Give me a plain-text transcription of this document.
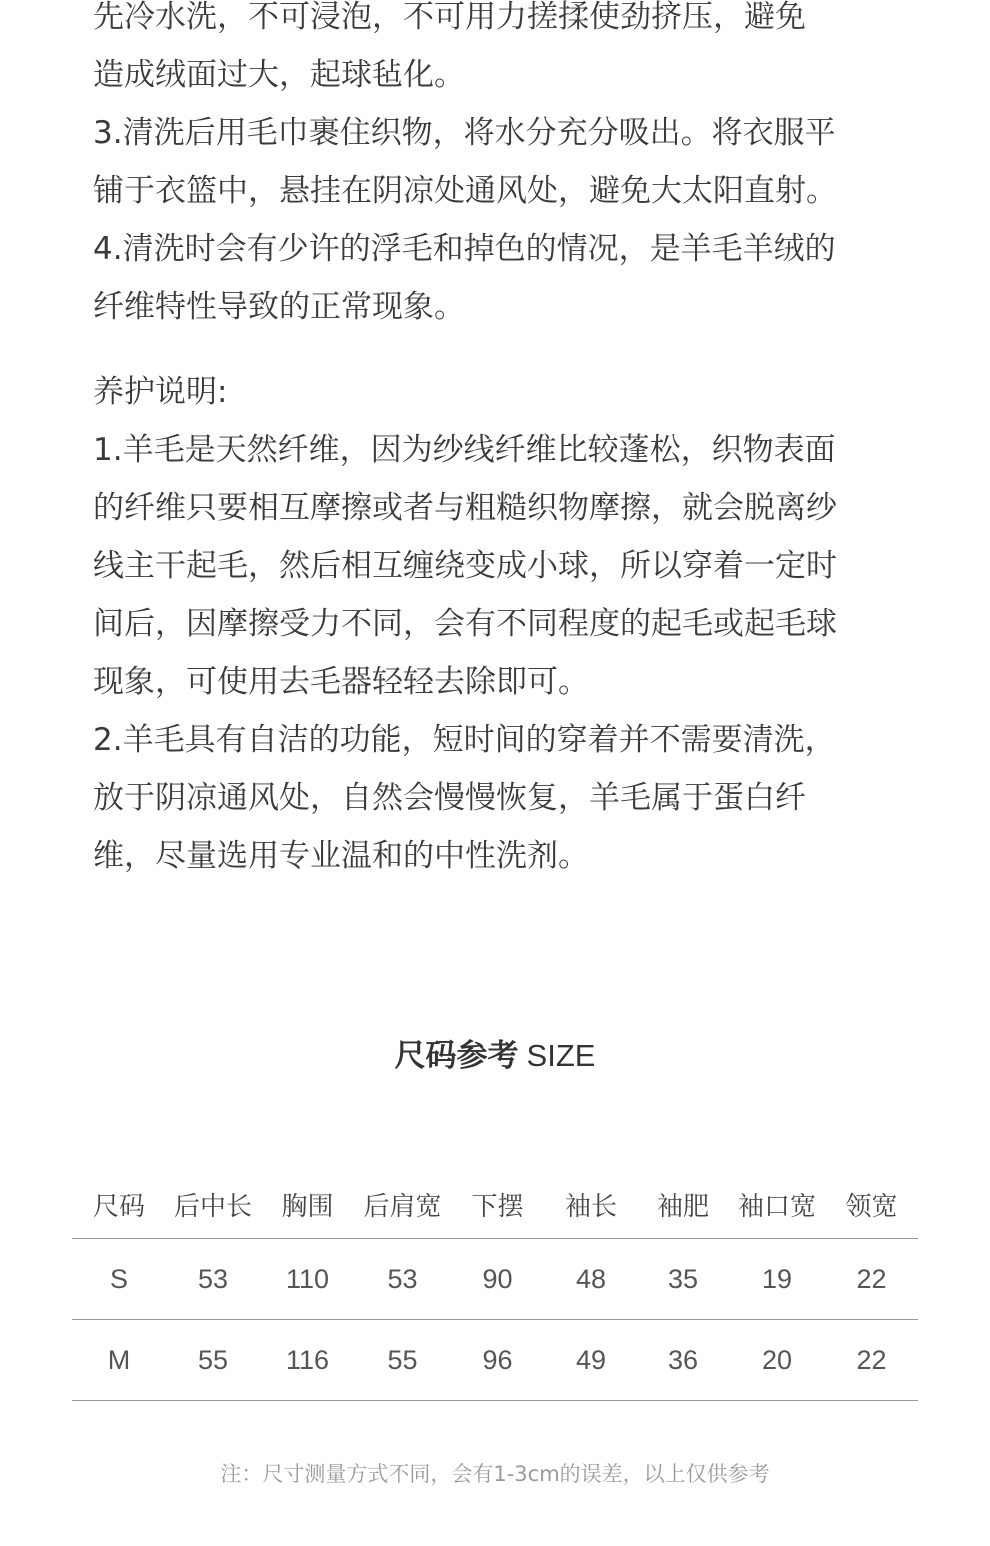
先冷水洗，不可浸泡，不可用力搓揉使劲挤压，避免

造成绒面过大，起球毡化。

3.清洗后用毛巾裹住织物，将水分充分吸出。将衣服平

铺于衣篮中，悬挂在阴凉处通风处，避免大太阳直射。

4.清洗时会有少许的浮毛和掉色的情况，是羊毛羊绒的

纤维特性导致的正常现象。

养护说明:

1.羊毛是天然纤维，因为纱线纤维比较蓬松，织物表面

的纤维只要相互摩擦或者与粗糙织物摩擦，就会脱离纱

线主干起毛，然后相互缠绕变成小球，所以穿着一定时

间后，因摩擦受力不同，会有不同程度的起毛或起毛球

现象，可使用去毛器轻轻去除即可。

2.羊毛具有自洁的功能，短时间的穿着并不需要清洗，

放于阴凉通风处，自然会慢慢恢复，羊毛属于蛋白纤

维，尽量选用专业温和的中性洗剂。

尺码参考 SIZE
尺码	后中长	胸围	后肩宽	下摆	袖长	袖肥	袖口宽	领宽
S	53	110	53	90	48	35	19	22
M	55	116	55	96	49	36	20	22
注：尺寸测量方式不同，会有1-3cm的误差，以上仅供参考
